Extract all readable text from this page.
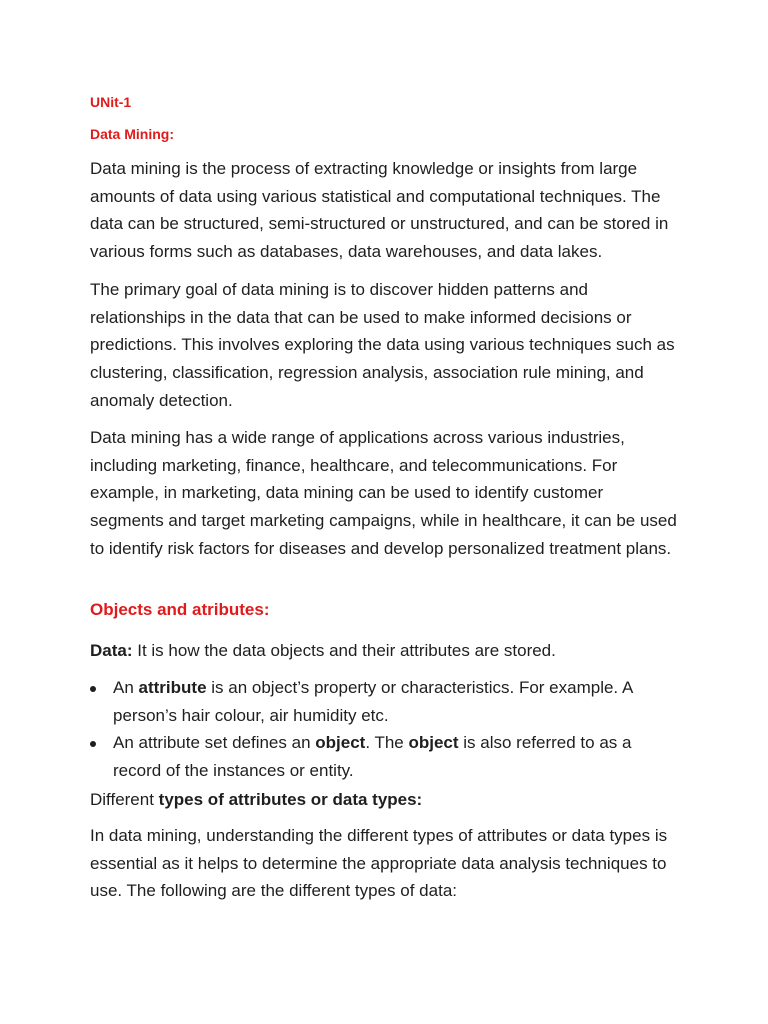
UNit-1
Data Mining:

Data mining is the process of extracting knowledge or insights from large amounts of data using various statistical and computational techniques. The data can be structured, semi-structured or unstructured, and can be stored in various forms such as databases, data warehouses, and data lakes.

The primary goal of data mining is to discover hidden patterns and relationships in the data that can be used to make informed decisions or predictions. This involves exploring the data using various techniques such as clustering, classification, regression analysis, association rule mining, and anomaly detection.

Data mining has a wide range of applications across various industries, including marketing, finance, healthcare, and telecommunications. For example, in marketing, data mining can be used to identify customer segments and target marketing campaigns, while in healthcare, it can be used to identify risk factors for diseases and develop personalized treatment plans.

Objects and atributes:

Data: It is how the data objects and their attributes are stored.

An attribute is an object’s property or characteristics. For example. A person’s hair colour, air humidity etc.
An attribute set defines an object. The object is also referred to as a record of the instances or entity.

Different types of attributes or data types:

In data mining, understanding the different types of attributes or data types is essential as it helps to determine the appropriate data analysis techniques to use. The following are the different types of data:
